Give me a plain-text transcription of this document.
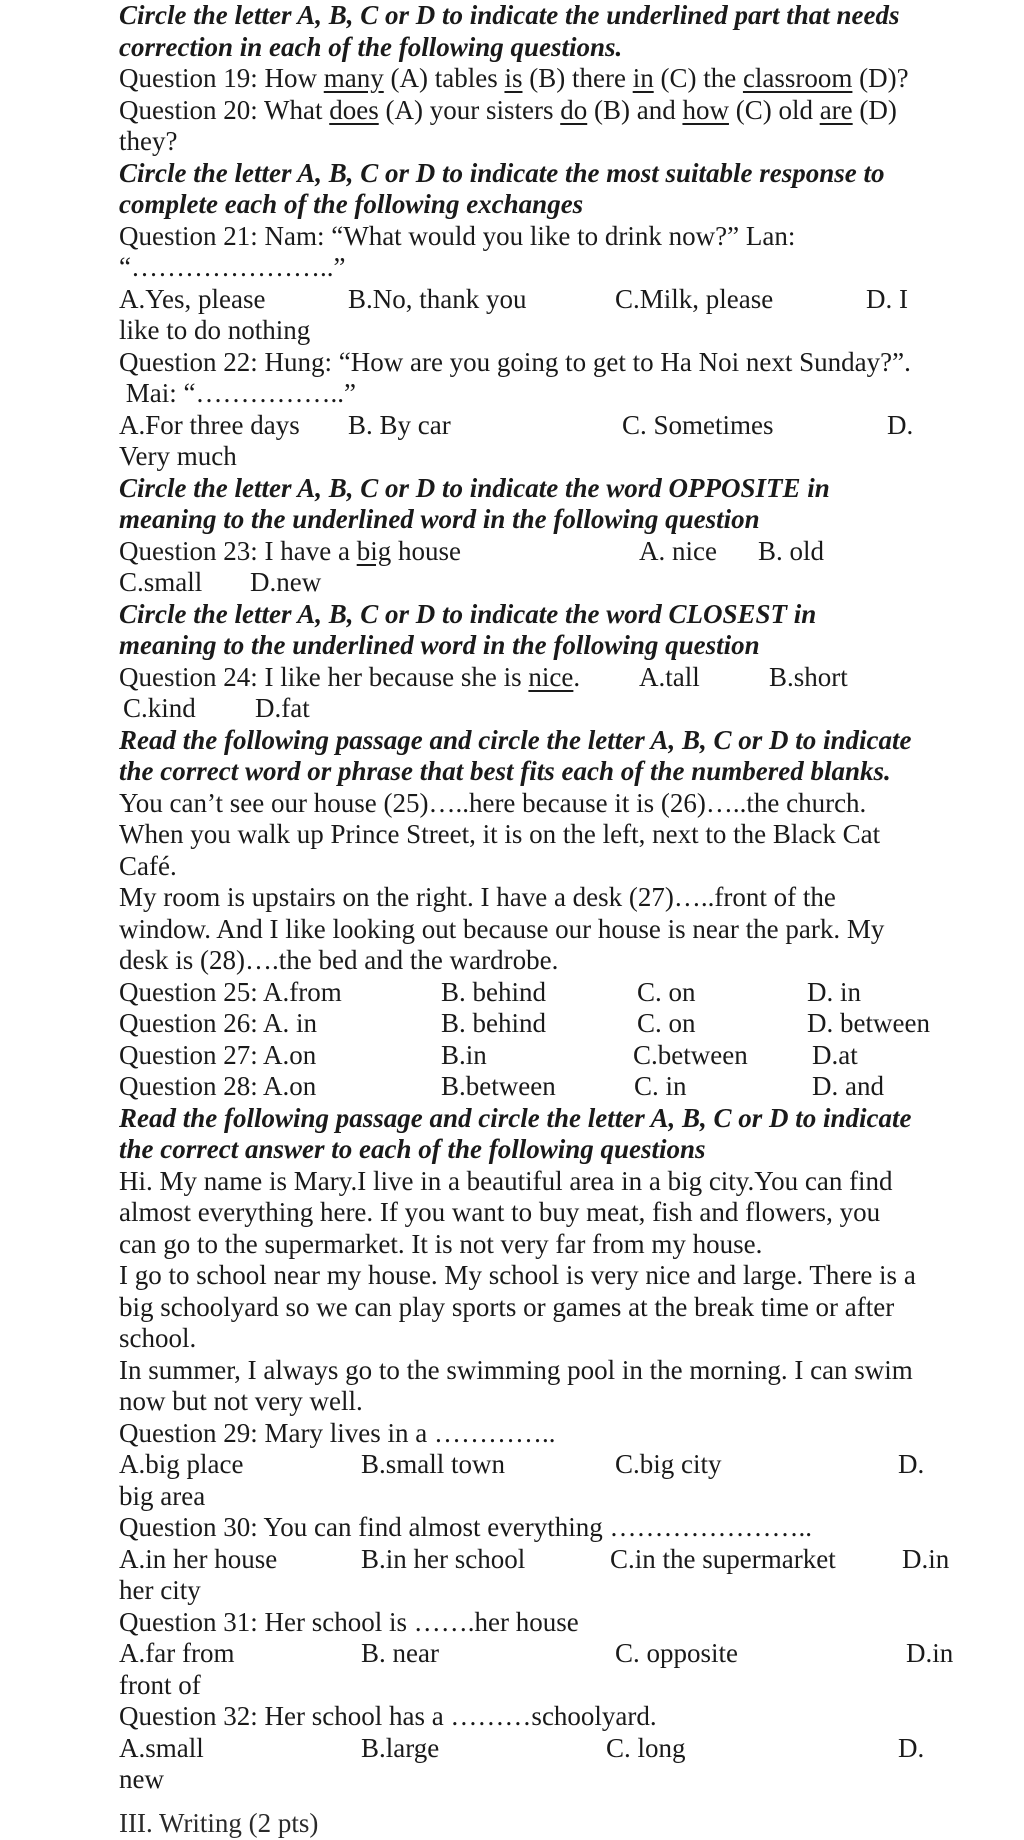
Circle the letter A, B, C or D to indicate the underlined part that needs
correction in each of the following questions.
Question 19: How many (A) tables is (B) there in (C) the classroom (D)?
Question 20: What does (A) your sisters do (B) and how (C) old are (D)
they?
Circle the letter A, B, C or D to indicate the most suitable response to
complete each of the following exchanges
Question 21: Nam: “What would you like to drink now?” Lan:
“…………………..”
A.Yes, please	B.No, thank you	C.Milk, please	D. I
like to do nothing
Question 22: Hung: “How are you going to get to Ha Noi next Sunday?”.
Mai: “……………..”
A.For three days B. By car	C. Sometimes	D.
Very much
Circle the letter A, B, C or D to indicate the word OPPOSITE in
meaning to the underlined word in the following question
Question 23: I have a big house	A. nice B. old
C.small D.new
Circle the letter A, B, C or D to indicate the word CLOSEST in
meaning to the underlined word in the following question
Question 24: I like her because she is nice. A.tall	B.short
C.kind D.fat
Read the following passage and circle the letter A, B, C or D to indicate
the correct word or phrase that best fits each of the numbered blanks.
You can’t see our house (25)…..here because it is (26)…..the church.
When you walk up Prince Street, it is on the left, next to the Black Cat
Café.
My room is upstairs on the right. I have a desk (27)…..front of the
window. And I like looking out because our house is near the park. My
desk is (28)….the bed and the wardrobe.
Question 25: A.from	B. behind	C. on	D. in
Question 26: A. in	B. behind	C. on	D. between
Question 27: A.on	B.in	C.between D.at
Question 28: A.on	B.between	C. in	D. and
Read the following passage and circle the letter A, B, C or D to indicate
the correct answer to each of the following questions
Hi. My name is Mary.I live in a beautiful area in a big city.You can find
almost everything here. If you want to buy meat, fish and flowers, you
can go to the supermarket. It is not very far from my house.
I go to school near my house. My school is very nice and large. There is a
big schoolyard so we can play sports or games at the break time or after
school.
In summer, I always go to the swimming pool in the morning. I can swim
now but not very well.
Question 29: Mary lives in a …………..
A.big place	B.small town	C.big city	D.
big area
Question 30: You can find almost everything …………………..
A.in her house	B.in her school	C.in the supermarket D.in
her city
Question 31: Her school is …….her house
A.far from	B. near	C. opposite	D.in
front of
Question 32: Her school has a ………schoolyard.
A.small	B.large	C. long	D.
new
III. Writing (2 pts)
